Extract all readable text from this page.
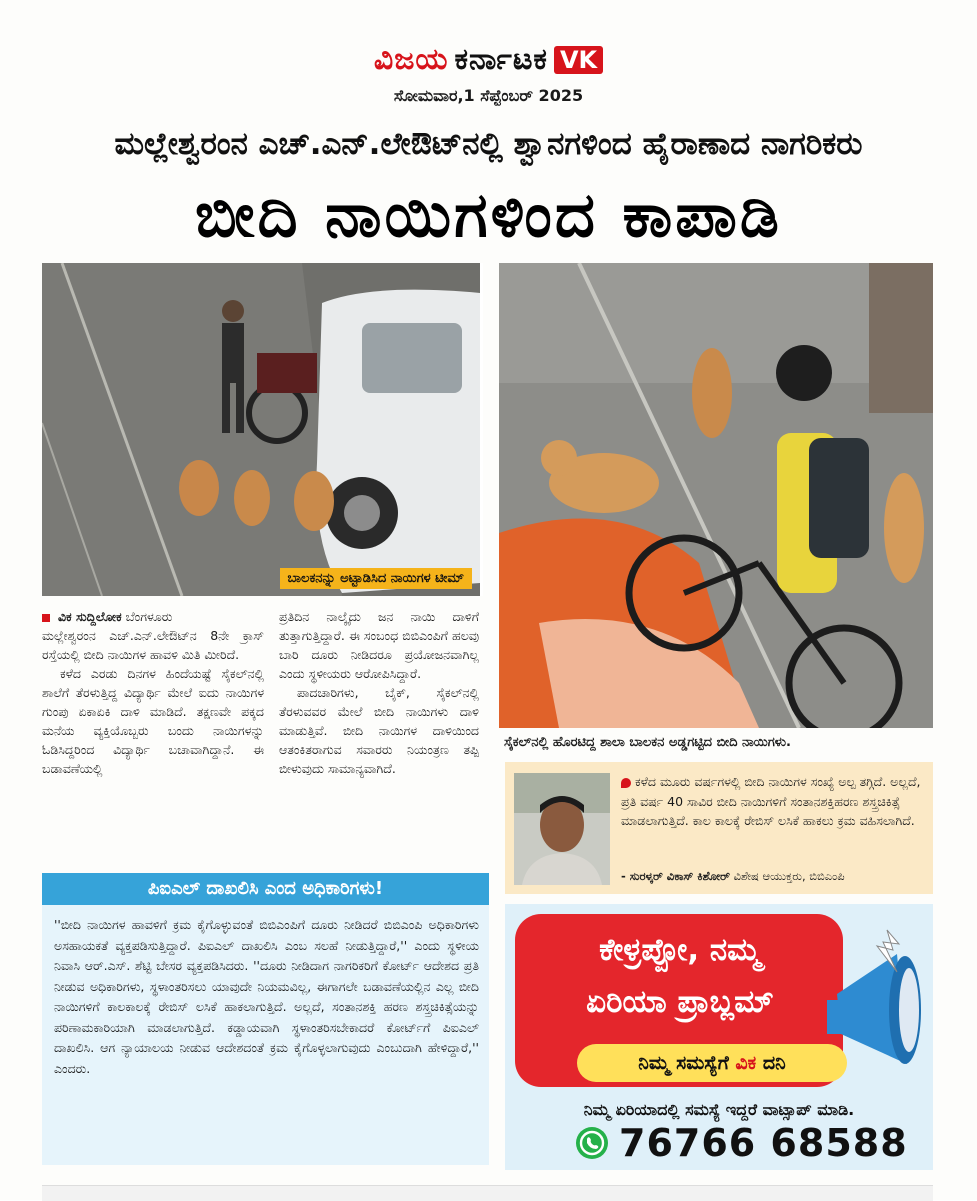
ವಿಜಯ ಕರ್ನಾಟಕ VK
ಸೋಮವಾರ,1 ಸೆಪ್ಟೆಂಬರ್ 2025
ಮಲ್ಲೇಶ್ವರಂನ ಎಚ್.ಎನ್.ಲೇಔಟ್‌ನಲ್ಲಿ ಶ್ವಾನಗಳಿಂದ ಹೈರಾಣಾದ ನಾಗರಿಕರು
ಬೀದಿ ನಾಯಿಗಳಿಂದ ಕಾಪಾಡಿ
ಬಾಲಕನನ್ನು ಅಟ್ಟಾಡಿಸಿದ ನಾಯಿಗಳ ಟೀಮ್
ಸೈಕಲ್‌ನಲ್ಲಿ ಹೊರಟಿದ್ದ ಶಾಲಾ ಬಾಲಕನ ಅಡ್ಡಗಟ್ಟಿದ ಬೀದಿ ನಾಯಿಗಳು.
ವಿಕ ಸುದ್ದಿಲೋಕ ಬೆಂಗಳೂರು

ಮಲ್ಲೇಶ್ವರಂನ ಎಚ್.ಎನ್.ಲೇಔಟ್‌ನ 8ನೇ ಕ್ರಾಸ್ ರಸ್ತೆಯಲ್ಲಿ ಬೀದಿ ನಾಯಿಗಳ ಹಾವಳಿ ಮಿತಿ ಮೀರಿದೆ.

ಕಳೆದ ಎರಡು ದಿನಗಳ ಹಿಂದೆಯಷ್ಟೆ ಸೈಕಲ್‌ನಲ್ಲಿ ಶಾಲೆಗೆ ತೆರಳುತ್ತಿದ್ದ ವಿದ್ಯಾರ್ಥಿ ಮೇಲೆ ಐದು ನಾಯಿಗಳ ಗುಂಪು ಏಕಾಏಕಿ ದಾಳಿ ಮಾಡಿದೆ. ತಕ್ಷಣವೇ ಪಕ್ಕದ ಮನೆಯ ವ್ಯಕ್ತಿಯೊಬ್ಬರು ಬಂದು ನಾಯಿಗಳನ್ನು ಓಡಿಸಿದ್ದರಿಂದ ವಿದ್ಯಾರ್ಥಿ ಬಚಾವಾಗಿದ್ದಾನೆ. ಈ ಬಡಾವಣೆಯಲ್ಲಿ

ಪ್ರತಿದಿನ ನಾಲ್ಕೈದು ಜನ ನಾಯಿ ದಾಳಿಗೆ ತುತ್ತಾಗುತ್ತಿದ್ದಾರೆ. ಈ ಸಂಬಂಧ ಬಿಬಿಎಂಪಿಗೆ ಹಲವು ಬಾರಿ ದೂರು ನೀಡಿದರೂ ಪ್ರಯೋಜನವಾಗಿಲ್ಲ ಎಂದು ಸ್ಥಳೀಯರು ಆರೋಪಿಸಿದ್ದಾರೆ.

ಪಾದಚಾರಿಗಳು, ಬೈಕ್, ಸೈಕಲ್‌ನಲ್ಲಿ ತೆರಳುವವರ ಮೇಲೆ ಬೀದಿ ನಾಯಿಗಳು ದಾಳಿ ಮಾಡುತ್ತಿವೆ. ಬೀದಿ ನಾಯಿಗಳ ದಾಳಿಯಿಂದ ಆತಂಕಿತರಾಗುವ ಸವಾರರು ನಿಯಂತ್ರಣ ತಪ್ಪಿ ಬೀಳುವುದು ಸಾಮಾನ್ಯವಾಗಿದೆ.

ಕಳೆದ ಮೂರು ವರ್ಷಗಳಲ್ಲಿ ಬೀದಿ ನಾಯಿಗಳ ಸಂಖ್ಯೆ ಅಲ್ಪ ತಗ್ಗಿದೆ. ಅಲ್ಲದೆ, ಪ್ರತಿ ವರ್ಷ 40 ಸಾವಿರ ಬೀದಿ ನಾಯಿಗಳಿಗೆ ಸಂತಾನಶಕ್ತಿಹರಣ ಶಸ್ತ್ರಚಿಕಿತ್ಸೆ ಮಾಡಲಾಗುತ್ತಿದೆ. ಕಾಲ ಕಾಲಕ್ಕೆ ರೇಬಿಸ್ ಲಸಿಕೆ ಹಾಕಲು ಕ್ರಮ ವಹಿಸಲಾಗಿದೆ.
- ಸುರಳ್ಕರ್ ವಿಕಾಸ್ ಕಿಶೋರ್ ವಿಶೇಷ ಆಯುಕ್ತರು, ಬಿಬಿಎಂಪಿ
ಪಿಐಎಲ್ ದಾಖಲಿಸಿ ಎಂದ ಅಧಿಕಾರಿಗಳು!
''ಬೀದಿ ನಾಯಿಗಳ ಹಾವಳಿಗೆ ಕ್ರಮ ಕೈಗೊಳ್ಳುವಂತೆ ಬಿಬಿಎಂಪಿಗೆ ದೂರು ನೀಡಿದರೆ ಬಿಬಿಎಂಪಿ ಅಧಿಕಾರಿಗಳು ಅಸಹಾಯಕತೆ ವ್ಯಕ್ತಪಡಿಸುತ್ತಿದ್ದಾರೆ. ಪಿಐಎಲ್ ದಾಖಲಿಸಿ ಎಂಬ ಸಲಹೆ ನೀಡುತ್ತಿದ್ದಾರೆ,'' ಎಂದು ಸ್ಥಳೀಯ ನಿವಾಸಿ ಆರ್.ಎಸ್. ಶೆಟ್ಟಿ ಬೇಸರ ವ್ಯಕ್ತಪಡಿಸಿದರು. ''ದೂರು ನೀಡಿದಾಗ ನಾಗರಿಕರಿಗೆ ಕೋರ್ಟ್ ಆದೇಶದ ಪ್ರತಿ ನೀಡುವ ಅಧಿಕಾರಿಗಳು, ಸ್ಥಳಾಂತರಿಸಲು ಯಾವುದೇ ನಿಯಮವಿಲ್ಲ, ಈಗಾಗಲೇ ಬಡಾವಣೆಯಲ್ಲಿನ ಎಲ್ಲ ಬೀದಿ ನಾಯಿಗಳಿಗೆ ಕಾಲಕಾಲಕ್ಕೆ ರೇಬಿಸ್ ಲಸಿಕೆ ಹಾಕಲಾಗುತ್ತಿದೆ. ಅಲ್ಲದೆ, ಸಂತಾನಶಕ್ತಿ ಹರಣ ಶಸ್ತ್ರಚಿಕಿತ್ಸೆಯನ್ನು ಪರಿಣಾಮಕಾರಿಯಾಗಿ ಮಾಡಲಾಗುತ್ತಿದೆ. ಕಡ್ಡಾಯವಾಗಿ ಸ್ಥಳಾಂತರಿಸಬೇಕಾದರೆ ಕೋರ್ಟ್‌ಗೆ ಪಿಐಎಲ್ ದಾಖಲಿಸಿ. ಆಗ ನ್ಯಾಯಾಲಯ ನೀಡುವ ಆದೇಶದಂತೆ ಕ್ರಮ ಕೈಗೊಳ್ಳಲಾಗುವುದು ಎಂಬುದಾಗಿ ಹೇಳಿದ್ದಾರೆ,'' ಎಂದರು.
ಕೇಳ್ರಪ್ಪೋ, ನಮ್ಮ
ಏರಿಯಾ ಪ್ರಾಬ್ಲಮ್
ನಿಮ್ಮ ಸಮಸ್ಯೆಗೆ ವಿಕ ದನಿ
ನಿಮ್ಮ ಏರಿಯಾದಲ್ಲಿ ಸಮಸ್ಯೆ ಇದ್ದರೆ ವಾಟ್ಸಾಪ್ ಮಾಡಿ.
76766 68588
